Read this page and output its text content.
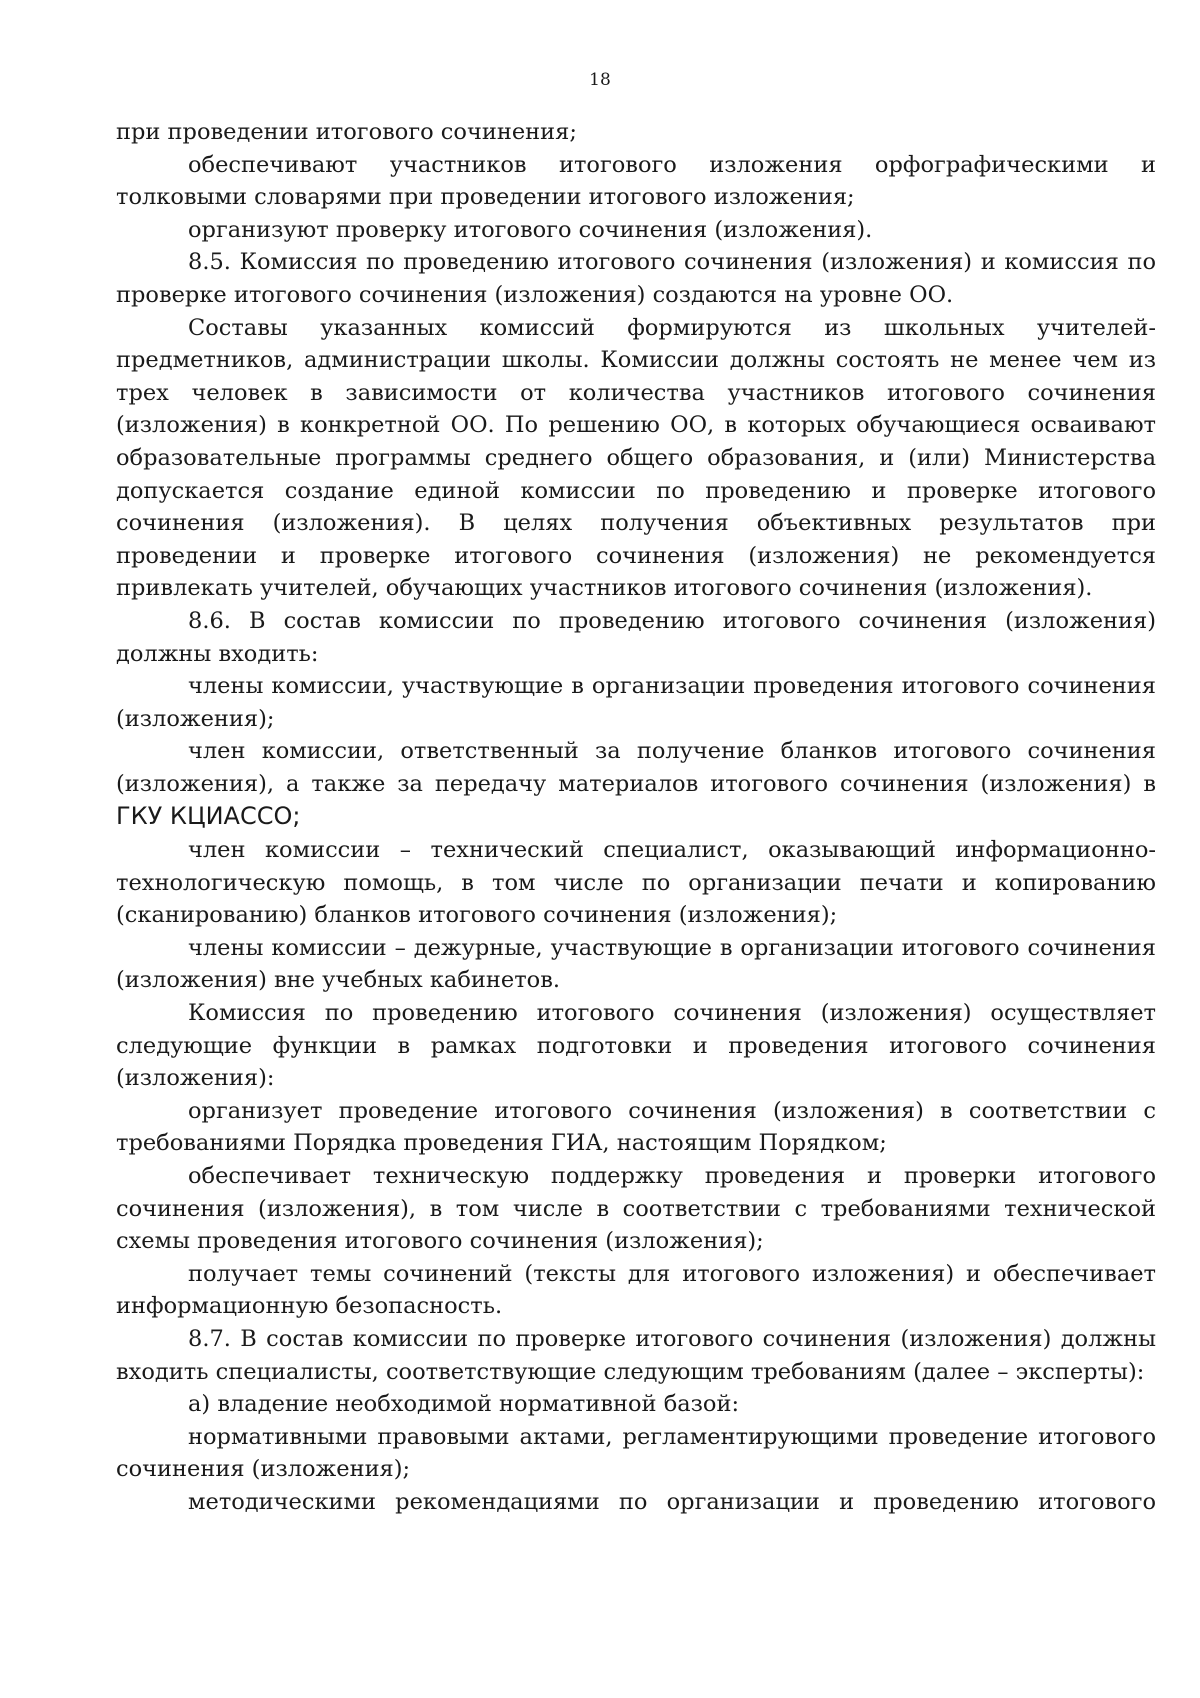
18

при проведении итогового сочинения;

обеспечивают участников итогового изложения орфографическими и толковыми словарями при проведении итогового изложения;

организуют проверку итогового сочинения (изложения).

8.5. Комиссия по проведению итогового сочинения (изложения) и комиссия по проверке итогового сочинения (изложения) создаются на уровне ОО.

Составы указанных комиссий формируются из школьных учителей-предметников, администрации школы. Комиссии должны состоять не менее чем из трех человек в зависимости от количества участников итогового сочинения (изложения) в конкретной ОО. По решению ОО, в которых обучающиеся осваивают образовательные программы среднего общего образования, и (или) Министерства допускается создание единой комиссии по проведению и проверке итогового сочинения (изложения). В целях получения объективных результатов при проведении и проверке итогового сочинения (изложения) не рекомендуется привлекать учителей, обучающих участников итогового сочинения (изложения).

8.6. В состав комиссии по проведению итогового сочинения (изложения) должны входить:

члены комиссии, участвующие в организации проведения итогового сочинения (изложения);

член комиссии, ответственный за получение бланков итогового сочинения (изложения), а также за передачу материалов итогового сочинения (изложения) в ГКУ КЦИАССО;

член комиссии – технический специалист, оказывающий информационно-технологическую помощь, в том числе по организации печати и копированию (сканированию) бланков итогового сочинения (изложения);

члены комиссии – дежурные, участвующие в организации итогового сочинения (изложения) вне учебных кабинетов.

Комиссия по проведению итогового сочинения (изложения) осуществляет следующие функции в рамках подготовки и проведения итогового сочинения (изложения):

организует проведение итогового сочинения (изложения) в соответствии с требованиями Порядка проведения ГИА, настоящим Порядком;

обеспечивает техническую поддержку проведения и проверки итогового сочинения (изложения), в том числе в соответствии с требованиями технической схемы проведения итогового сочинения (изложения);

получает темы сочинений (тексты для итогового изложения) и обеспечивает информационную безопасность.

8.7. В состав комиссии по проверке итогового сочинения (изложения) должны входить специалисты, соответствующие следующим требованиям (далее – эксперты):

а) владение необходимой нормативной базой:

нормативными правовыми актами, регламентирующими проведение итогового сочинения (изложения);

методическими рекомендациями по организации и проведению итогового
